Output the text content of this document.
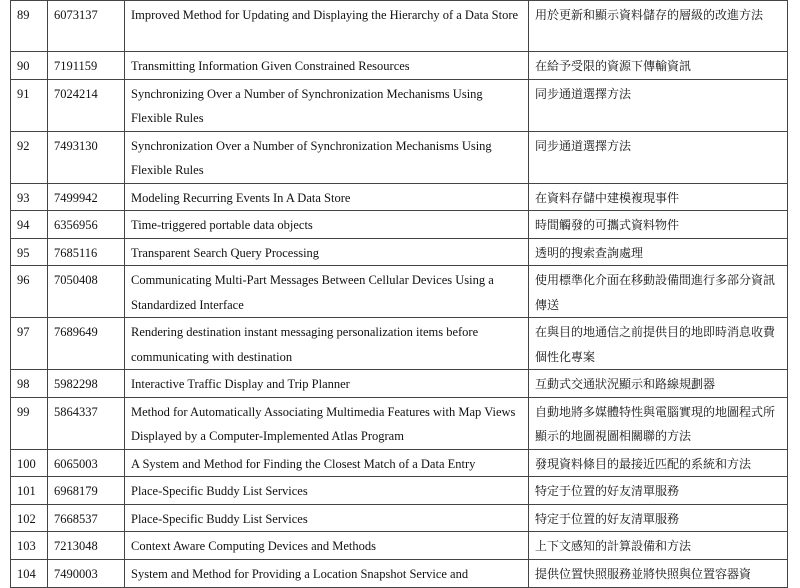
89	6073137	Improved Method for Updating and Displaying the Hierarchy of a Data Store	用於更新和顯示資料儲存的層級的改進方法
90	7191159	Transmitting Information Given Constrained Resources	在給予受限的資源下傳輸資訊
91	7024214	Synchronizing Over a Number of Synchronization Mechanisms Using Flexible Rules	同步通道選擇方法
92	7493130	Synchronization Over a Number of Synchronization Mechanisms Using Flexible Rules	同步通道選擇方法
93	7499942	Modeling Recurring Events In A Data Store	在資料存儲中建模複現事件
94	6356956	Time-triggered portable data objects	時間觸發的可攜式資料物件
95	7685116	Transparent Search Query Processing	透明的搜索查詢處理
96	7050408	Communicating Multi-Part Messages Between Cellular Devices Using a Standardized Interface	使用標準化介面在移動設備間進行多部分資訊傳送
97	7689649	Rendering destination instant messaging personalization items before communicating with destination	在與目的地通信之前提供目的地即時消息收費個性化專案
98	5982298	Interactive Traffic Display and Trip Planner	互動式交通狀況顯示和路線規劃器
99	5864337	Method for Automatically Associating Multimedia Features with Map Views Displayed by a Computer-Implemented Atlas Program	自動地將多媒體特性與電腦實現的地圖程式所顯示的地圖視圖相關聯的方法
100	6065003	A System and Method for Finding the Closest Match of a Data Entry	發現資料條目的最接近匹配的系統和方法
101	6968179	Place-Specific Buddy List Services	特定于位置的好友清單服務
102	7668537	Place-Specific Buddy List Services	特定于位置的好友清單服務
103	7213048	Context Aware Computing Devices and Methods	上下文感知的計算設備和方法
104	7490003	System and Method for Providing a Location Snapshot Service and	提供位置快照服務並將快照與位置容器資
